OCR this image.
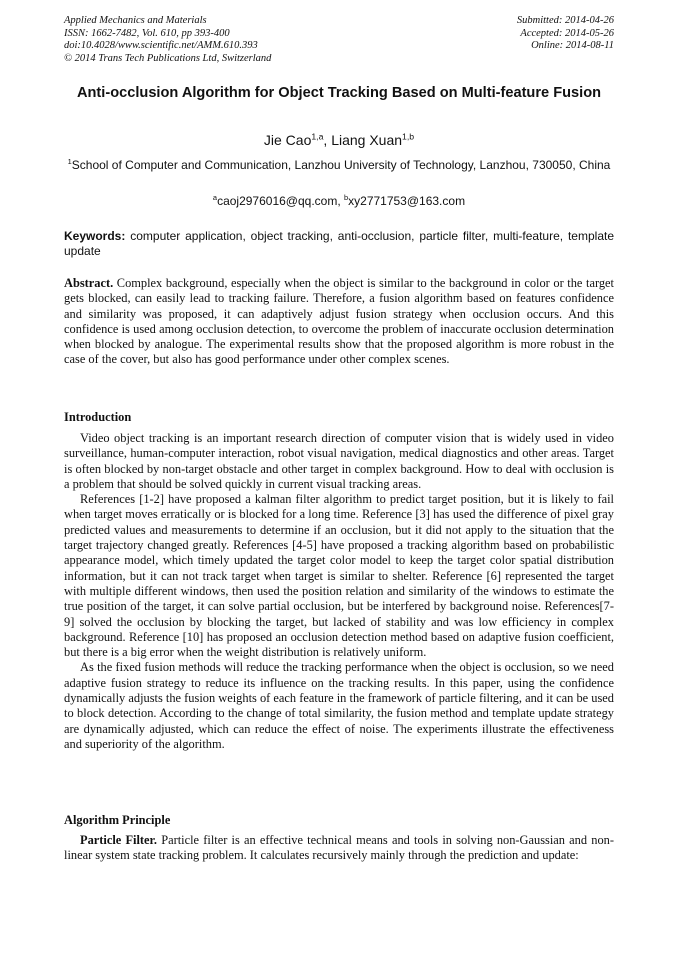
Applied Mechanics and Materials
ISSN: 1662-7482, Vol. 610, pp 393-400
doi:10.4028/www.scientific.net/AMM.610.393
© 2014 Trans Tech Publications Ltd, Switzerland
Submitted: 2014-04-26
Accepted: 2014-05-26
Online: 2014-08-11
Anti-occlusion Algorithm for Object Tracking Based on Multi-feature Fusion
Jie Cao$^{1,a}$, Liang Xuan$^{1,b}$
$^1$School of Computer and Communication, Lanzhou University of Technology, Lanzhou, 730050, China
$^a$caoj2976016@qq.com, $^b$xy2771753@163.com
Keywords: computer application, object tracking, anti-occlusion, particle filter, multi-feature, template update

Abstract. Complex background, especially when the object is similar to the background in color or the target gets blocked, can easily lead to tracking failure. Therefore, a fusion algorithm based on features confidence and similarity was proposed, it can adaptively adjust fusion strategy when occlusion occurs. And this confidence is used among occlusion detection, to overcome the problem of inaccurate occlusion determination when blocked by analogue. The experimental results show that the proposed algorithm is more robust in the case of the cover, but also has good performance under other complex scenes.

Introduction

Video object tracking is an important research direction of computer vision that is widely used in video surveillance, human-computer interaction, robot visual navigation, medical diagnostics and other areas. Target is often blocked by non-target obstacle and other target in complex background. How to deal with occlusion is a problem that should be solved quickly in current visual tracking areas.

References [1-2] have proposed a kalman filter algorithm to predict target position, but it is likely to fail when target moves erratically or is blocked for a long time. Reference [3] has used the difference of pixel gray predicted values and measurements to determine if an occlusion, but it did not apply to the situation that the target trajectory changed greatly. References [4-5] have proposed a tracking algorithm based on probabilistic appearance model, which timely updated the target color model to keep the target color spatial distribution information, but it can not track target when target is similar to shelter. Reference [6] represented the target with multiple different windows, then used the position relation and similarity of the windows to estimate the true position of the target, it can solve partial occlusion, but be interfered by background noise. References[7-9] solved the occlusion by blocking the target, but lacked of stability and was low efficiency in complex background. Reference [10] has proposed an occlusion detection method based on adaptive fusion coefficient, but there is a big error when the weight distribution is relatively uniform.

As the fixed fusion methods will reduce the tracking performance when the object is occlusion, so we need adaptive fusion strategy to reduce its influence on the tracking results. In this paper, using the confidence dynamically adjusts the fusion weights of each feature in the framework of particle filtering, and it can be used to block detection. According to the change of total similarity, the fusion method and template update strategy are dynamically adjusted, which can reduce the effect of noise. The experiments illustrate the effectiveness and superiority of the algorithm.

Algorithm Principle

Particle Filter. Particle filter is an effective technical means and tools in solving non-Gaussian and non-linear system state tracking problem. It calculates recursively mainly through the prediction and update:
